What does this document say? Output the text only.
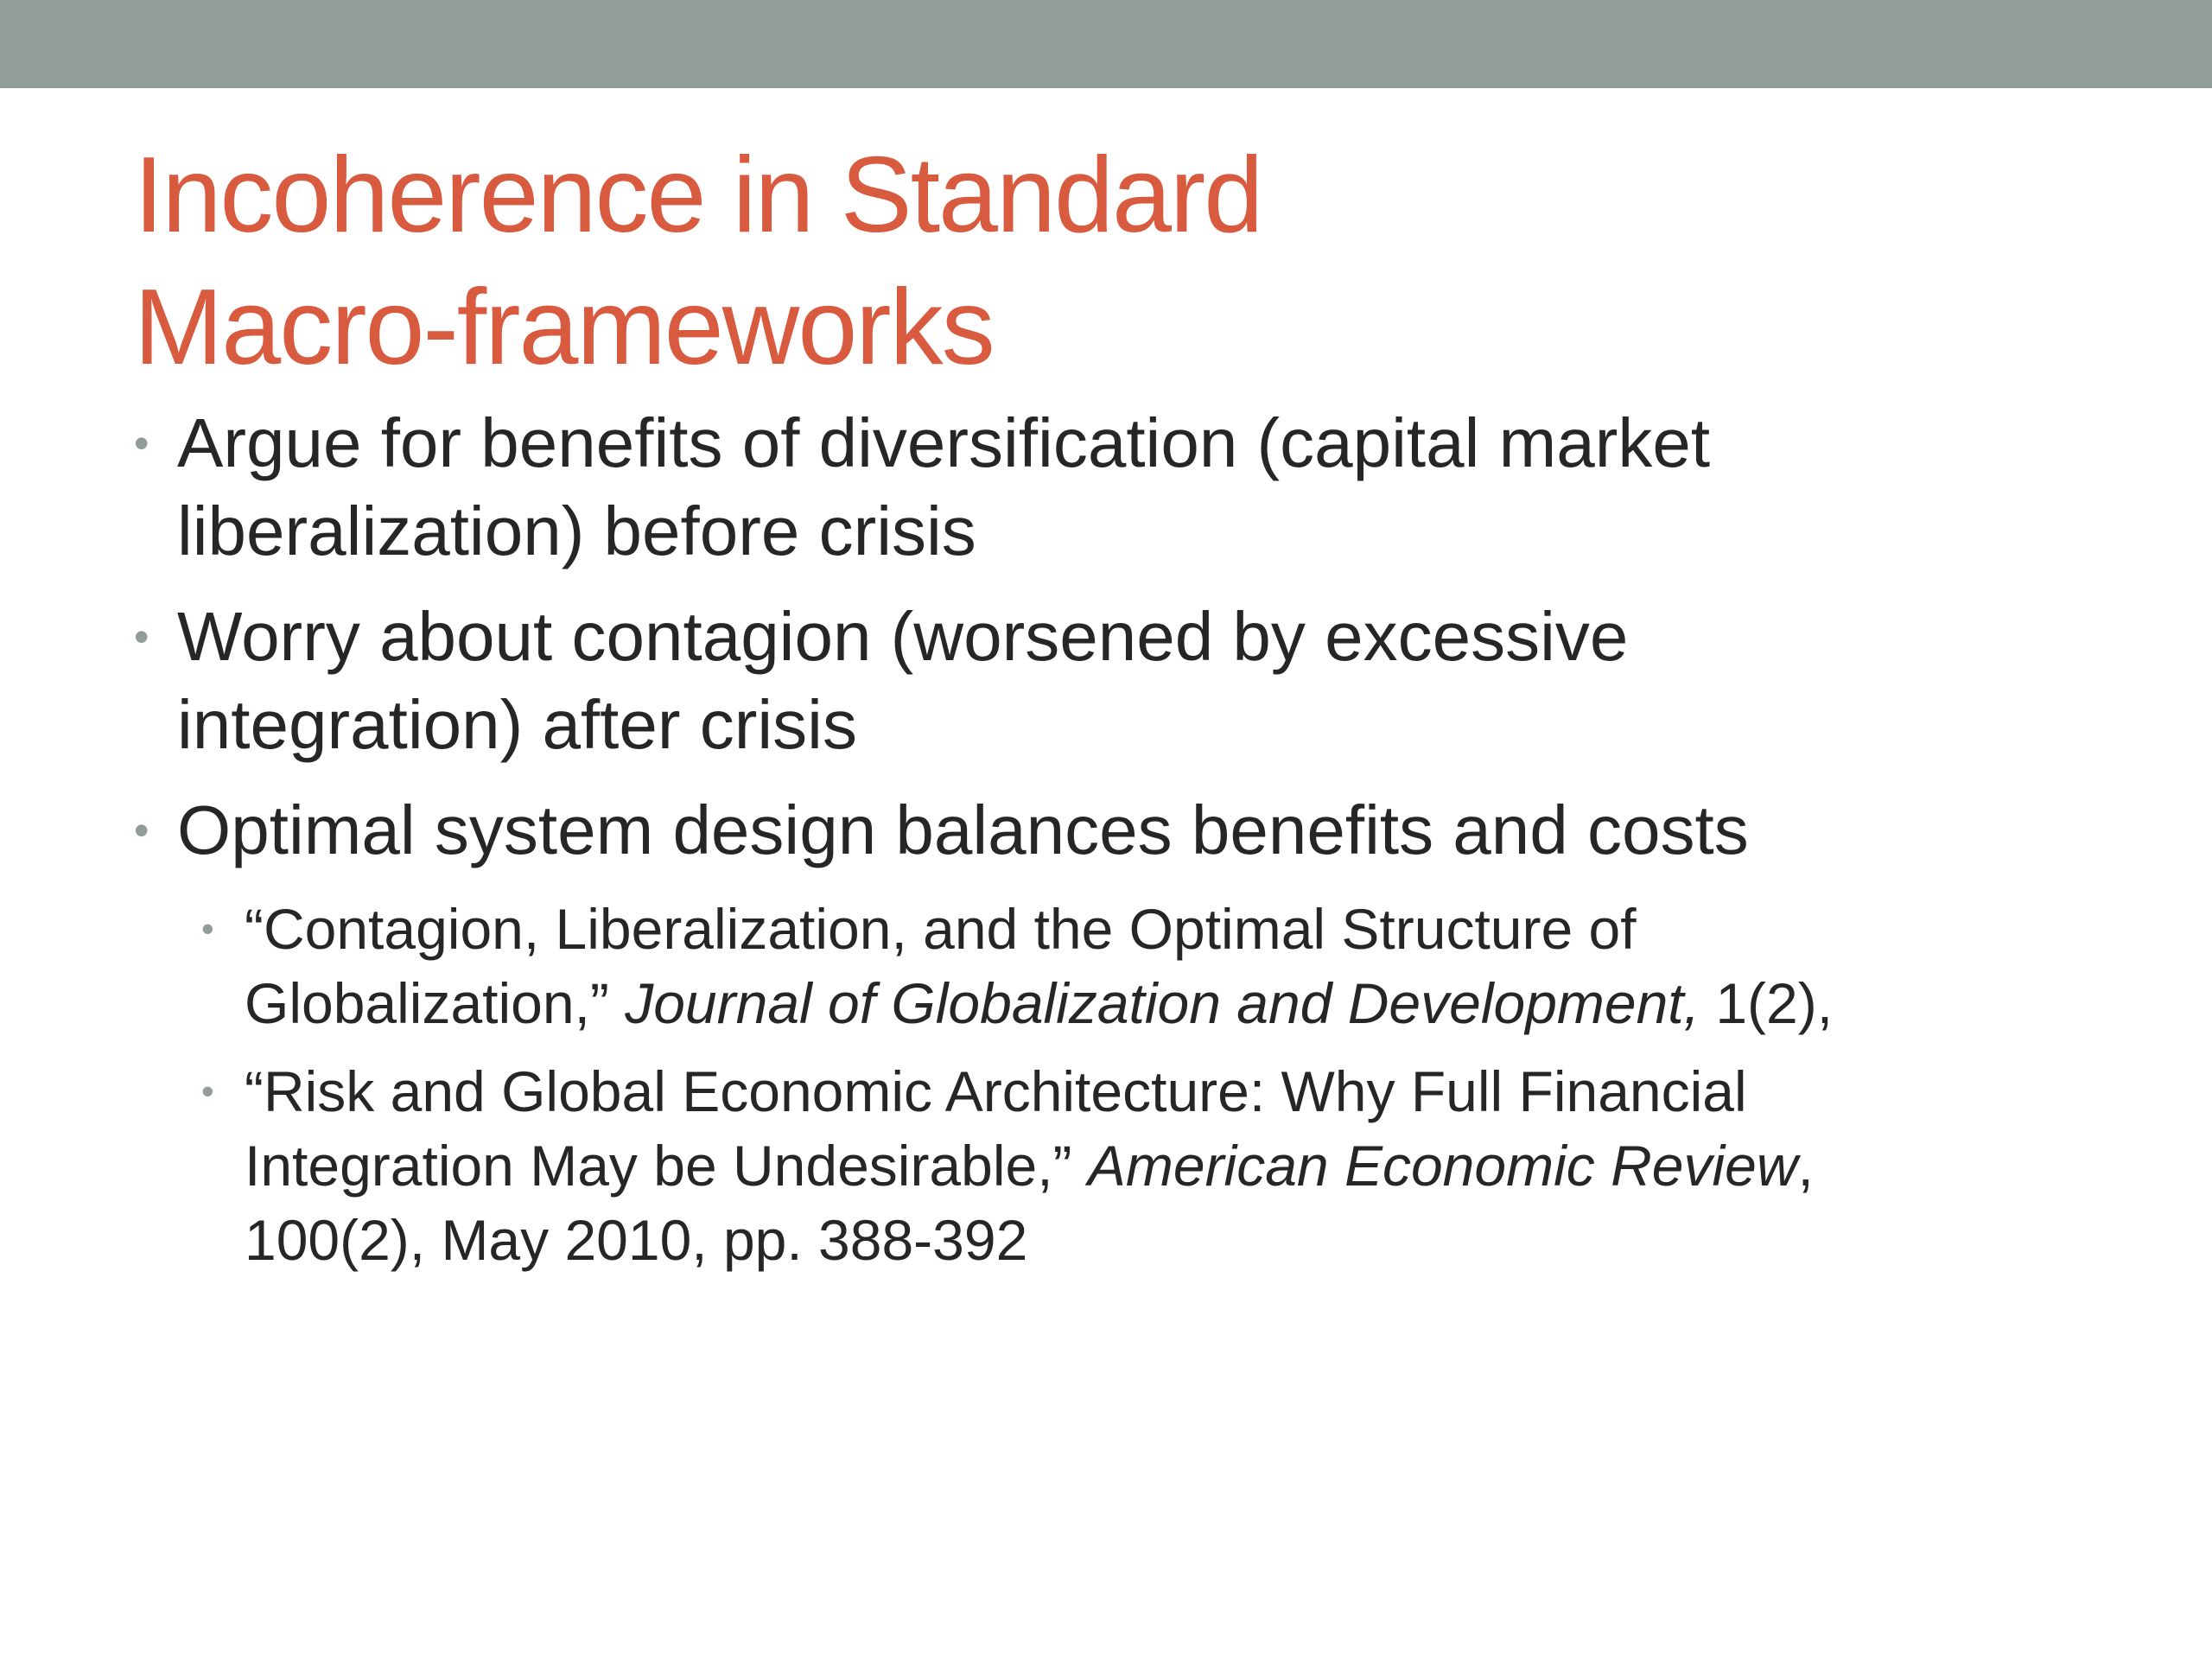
Incoherence in Standard
Macro-frameworks
• Argue for benefits of diversification (capital market
liberalization) before crisis
• Worry about contagion (worsened by excessive
integration) after crisis
• Optimal system design balances benefits and costs
• “Contagion, Liberalization, and the Optimal Structure of
Globalization,” Journal of Globalization and Development, 1(2),
• “Risk and Global Economic Architecture: Why Full Financial
Integration May be Undesirable,” American Economic Review,
100(2), May 2010, pp. 388-392
